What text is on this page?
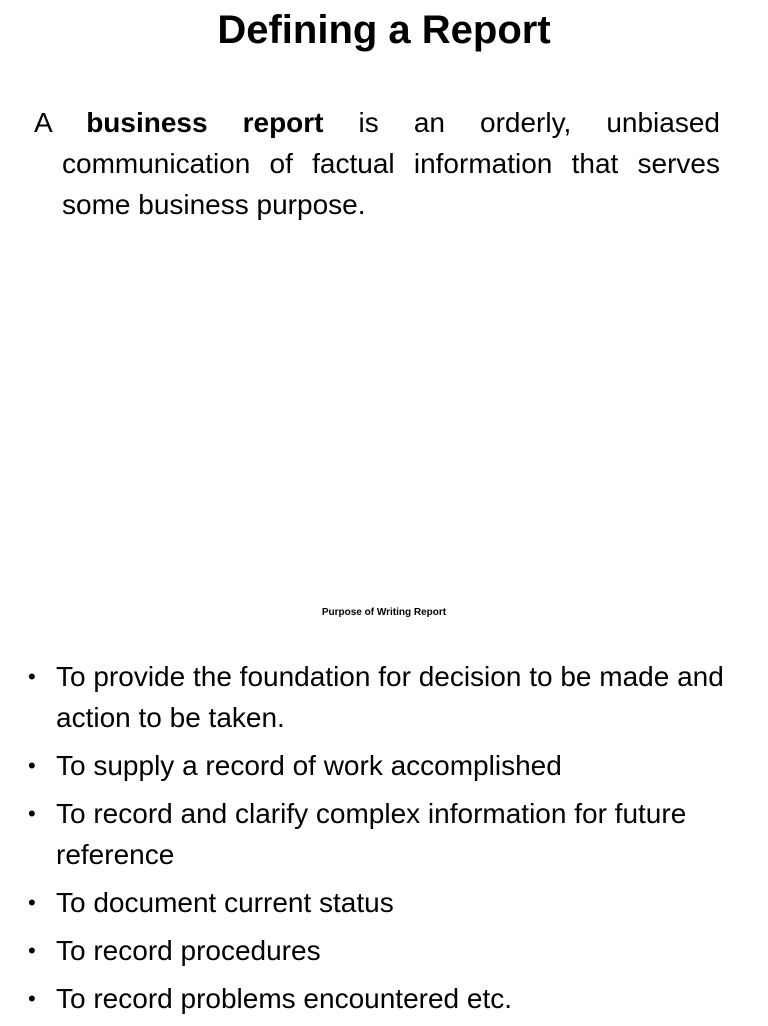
Defining a Report

A business report is an orderly, unbiased communication of factual information that serves some business purpose.

Purpose of Writing Report
• To provide the foundation for decision to be made and action to be taken.
• To supply a record of work accomplished
• To record and clarify complex information for future reference
• To document current status
• To record procedures
• To record problems encountered etc.
